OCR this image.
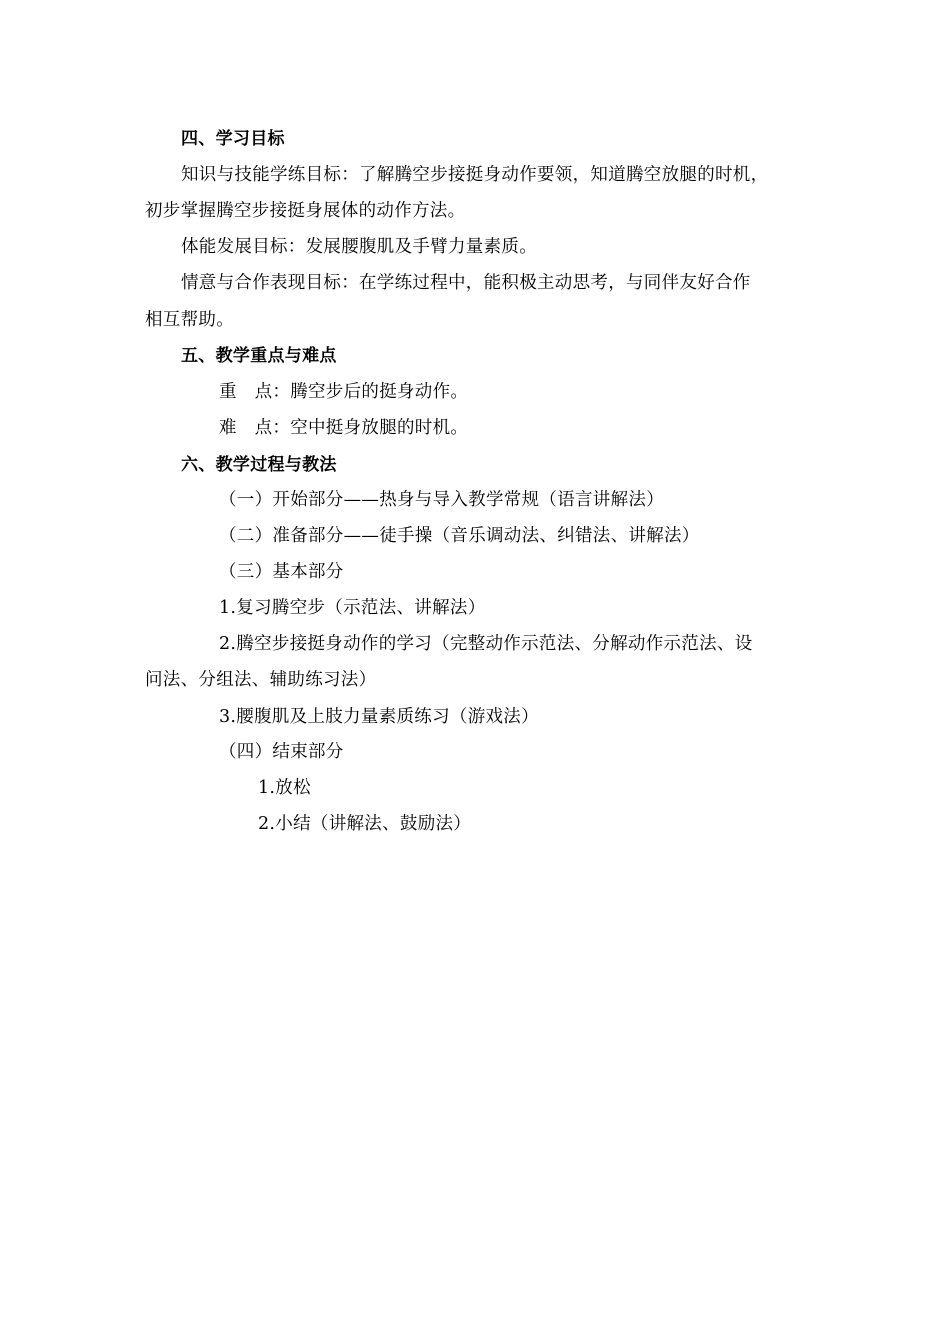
四、学习目标
知识与技能学练目标：了解腾空步接挺身动作要领，知道腾空放腿的时机，
初步掌握腾空步接挺身展体的动作方法。
体能发展目标：发展腰腹肌及手臂力量素质。
情意与合作表现目标：在学练过程中，能积极主动思考，与同伴友好合作
相互帮助。
五、教学重点与难点
重　点：腾空步后的挺身动作。
难　点：空中挺身放腿的时机。
六、教学过程与教法
（一）开始部分——热身与导入教学常规（语言讲解法）
（二）准备部分——徒手操（音乐调动法、纠错法、讲解法）
（三）基本部分
1.复习腾空步（示范法、讲解法）
2.腾空步接挺身动作的学习（完整动作示范法、分解动作示范法、设
问法、分组法、辅助练习法）
3.腰腹肌及上肢力量素质练习（游戏法）
（四）结束部分
1.放松
2.小结（讲解法、鼓励法）
